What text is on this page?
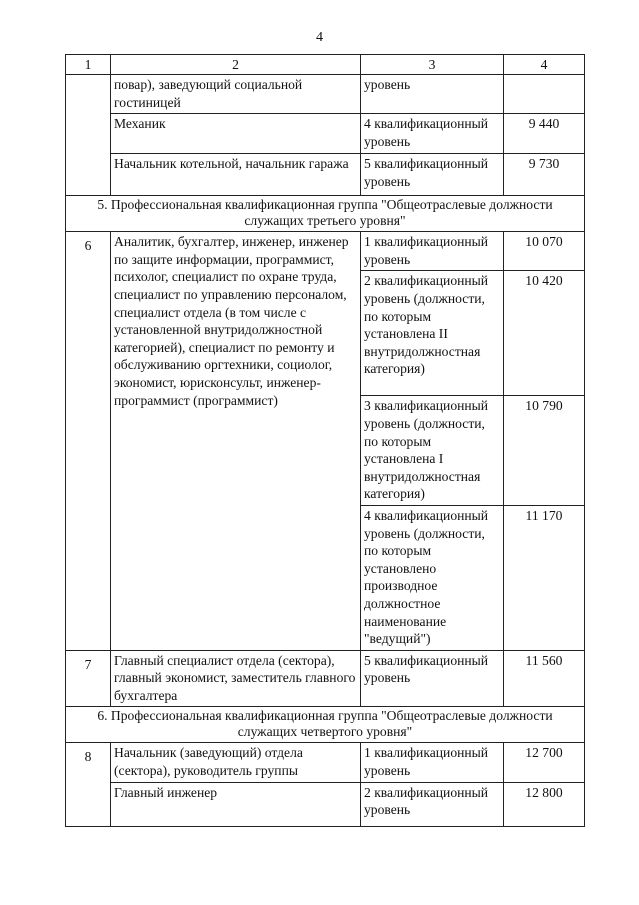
4
1	2	3	4
	повар), заведующий социальной гостиницей	уровень	
	Механик	4 квалификационный уровень	9 440
	Начальник котельной, начальник гаража	5 квалификационный уровень	9 730
5. Профессиональная квалификационная группа "Общеотраслевые должности служащих третьего уровня"			
6	Аналитик, бухгалтер, инженер, инженер по защите информации, программист, психолог, специалист по охране труда, специалист по управлению персоналом, специалист отдела (в том числе с установленной внутридолжностной категорией), специалист по ремонту и обслуживанию оргтехники, социолог, экономист, юрисконсульт, инженер-программист (программист)	1 квалификационный уровень	10 070
		2 квалификационный уровень (должности, по которым установлена II внутридолжностная категория)	10 420
		3 квалификационный уровень (должности, по которым установлена I внутридолжностная категория)	10 790
		4 квалификационный уровень (должности, по которым установлено производное должностное наименование "ведущий")	11 170
7	Главный специалист отдела (сектора), главный экономист, заместитель главного бухгалтера	5 квалификационный уровень	11 560
6. Профессиональная квалификационная группа "Общеотраслевые должности служащих четвертого уровня"			
8	Начальник (заведующий) отдела (сектора), руководитель группы	1 квалификационный уровень	12 700
	Главный инженер	2 квалификационный уровень	12 800
